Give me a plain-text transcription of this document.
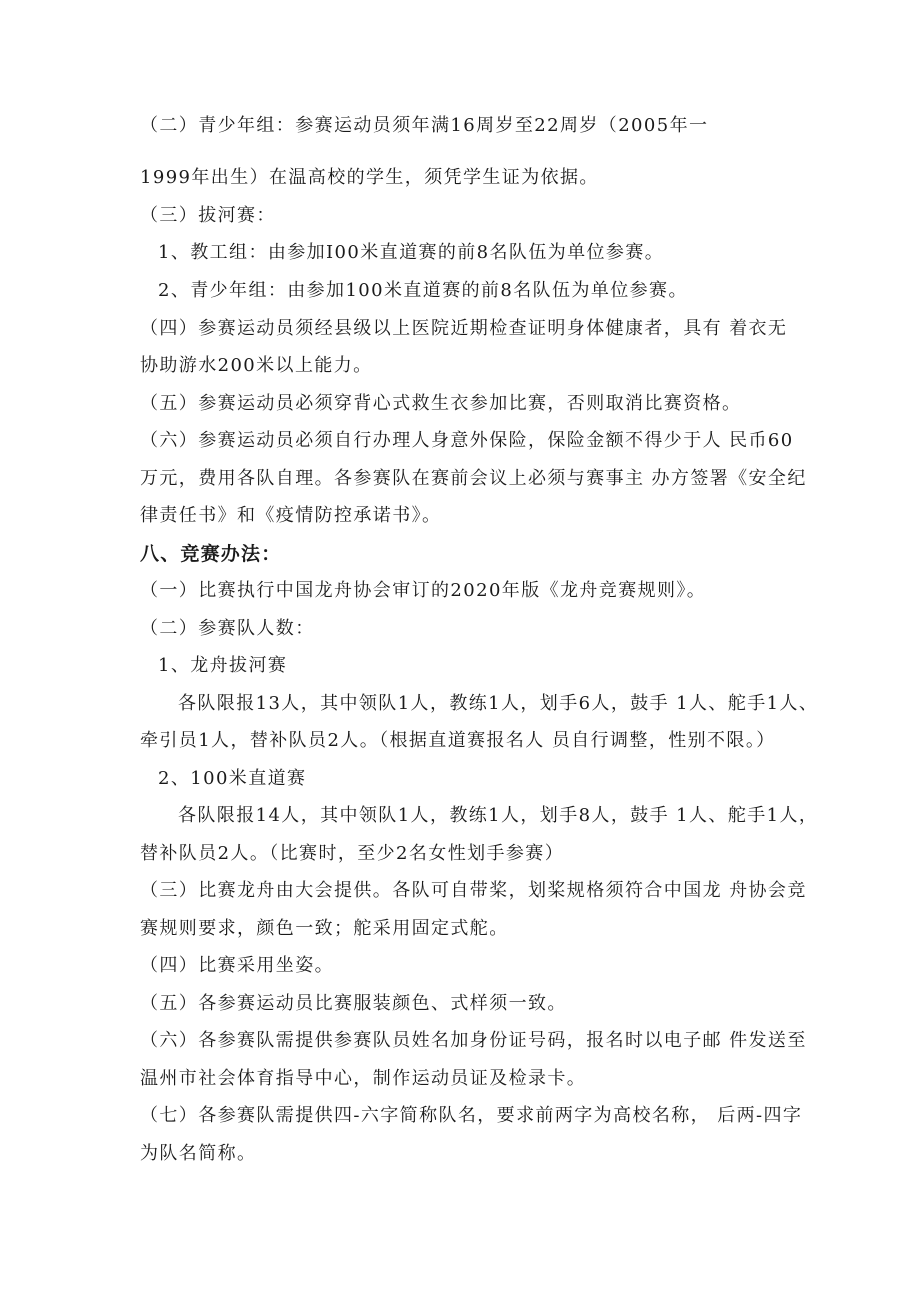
（二）青少年组：参赛运动员须年满16周岁至22周岁（2005年一
1999年出生）在温高校的学生，须凭学生证为依据。
（三）拔河赛：
1、教工组：由参加I00米直道赛的前8名队伍为单位参赛。
2、青少年组：由参加100米直道赛的前8名队伍为单位参赛。
（四）参赛运动员须经县级以上医院近期检查证明身体健康者，具有 着衣无
协助游水200米以上能力。
（五）参赛运动员必须穿背心式救生衣参加比赛，否则取消比赛资格。
（六）参赛运动员必须自行办理人身意外保险，保险金额不得少于人 民币60
万元，费用各队自理。各参赛队在赛前会议上必须与赛事主 办方签署《安全纪
律责任书》和《疫情防控承诺书》。
八、竞赛办法：
（一）比赛执行中国龙舟协会审订的2020年版《龙舟竞赛规则》。
（二）参赛队人数：
1、龙舟拔河赛
各队限报13人，其中领队1人，教练1人，划手6人，鼓手 1人、舵手1人、
牵引员1人，替补队员2人。（根据直道赛报名人 员自行调整，性别不限。）
2、100米直道赛
各队限报14人，其中领队1人，教练1人，划手8人，鼓手 1人、舵手1人，
替补队员2人。（比赛时，至少2名女性划手参赛）
（三）比赛龙舟由大会提供。各队可自带桨，划桨规格须符合中国龙 舟协会竞
赛规则要求，颜色一致；舵采用固定式舵。
（四）比赛采用坐姿。
（五）各参赛运动员比赛服装颜色、式样须一致。
（六）各参赛队需提供参赛队员姓名加身份证号码，报名时以电子邮 件发送至
温州市社会体育指导中心，制作运动员证及检录卡。
（七）各参赛队需提供四-六字简称队名，要求前两字为高校名称， 后两-四字
为队名简称。
